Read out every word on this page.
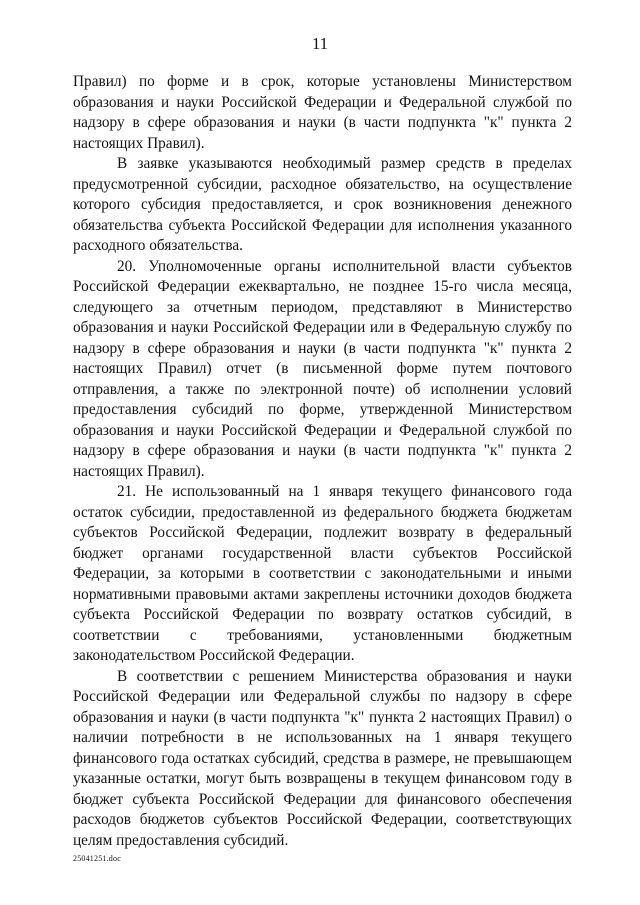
11

Правил) по форме и в срок, которые установлены Министерством образования и науки Российской Федерации и Федеральной службой по надзору в сфере образования и науки (в части подпункта "к" пункта 2 настоящих Правил).

В заявке указываются необходимый размер средств в пределах предусмотренной субсидии, расходное обязательство, на осуществление которого субсидия предоставляется, и срок возникновения денежного обязательства субъекта Российской Федерации для исполнения указанного расходного обязательства.

20. Уполномоченные органы исполнительной власти субъектов Российской Федерации ежеквартально, не позднее 15-го числа месяца, следующего за отчетным периодом, представляют в Министерство образования и науки Российской Федерации или в Федеральную службу по надзору в сфере образования и науки (в части подпункта "к" пункта 2 настоящих Правил) отчет (в письменной форме путем почтового отправления, а также по электронной почте) об исполнении условий предоставления субсидий по форме, утвержденной Министерством образования и науки Российской Федерации и Федеральной службой по надзору в сфере образования и науки (в части подпункта "к" пункта 2 настоящих Правил).

21. Не использованный на 1 января текущего финансового года остаток субсидии, предоставленной из федерального бюджета бюджетам субъектов Российской Федерации, подлежит возврату в федеральный бюджет органами государственной власти субъектов Российской Федерации, за которыми в соответствии с законодательными и иными нормативными правовыми актами закреплены источники доходов бюджета субъекта Российской Федерации по возврату остатков субсидий, в соответствии с требованиями, установленными бюджетным законодательством Российской Федерации.

В соответствии с решением Министерства образования и науки Российской Федерации или Федеральной службы по надзору в сфере образования и науки (в части подпункта "к" пункта 2 настоящих Правил) о наличии потребности в не использованных на 1 января текущего финансового года остатках субсидий, средства в размере, не превышающем указанные остатки, могут быть возвращены в текущем финансовом году в бюджет субъекта Российской Федерации для финансового обеспечения расходов бюджетов субъектов Российской Федерации, соответствующих целям предоставления субсидий.

25041251.doc
